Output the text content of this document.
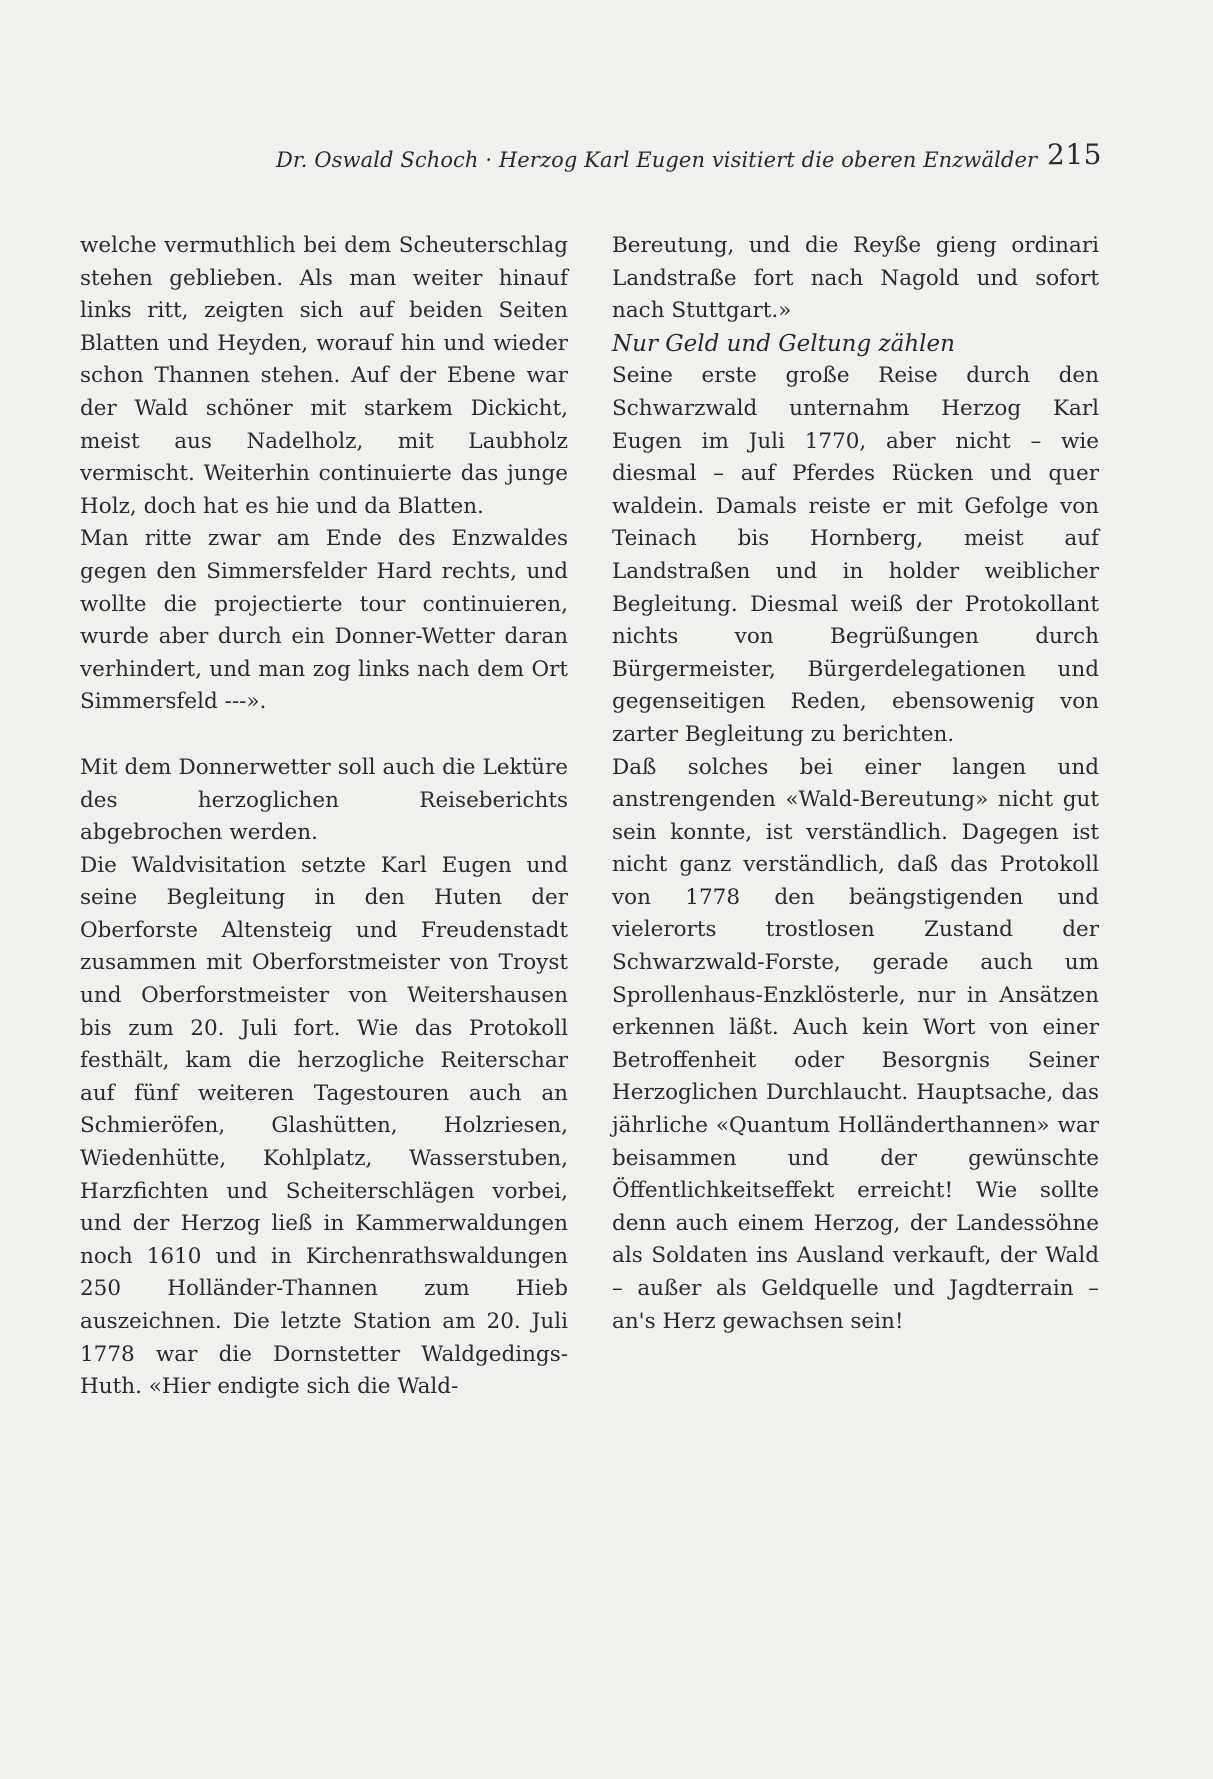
Dr. Oswald Schoch · Herzog Karl Eugen visitiert die oberen Enzwälder 215

welche vermuthlich bei dem Scheuterschlag stehen geblieben. Als man weiter hinauf links ritt, zeigten sich auf beiden Seiten Blatten und Heyden, worauf hin und wieder schon Thannen stehen. Auf der Ebene war der Wald schöner mit starkem Dickicht, meist aus Nadelholz, mit Laubholz vermischt. Weiterhin continuierte das junge Holz, doch hat es hie und da Blatten.

Man ritte zwar am Ende des Enzwaldes gegen den Simmersfelder Hard rechts, und wollte die projectierte tour continuieren, wurde aber durch ein Donner-Wetter daran verhindert, und man zog links nach dem Ort Simmersfeld ---».

Mit dem Donnerwetter soll auch die Lektüre des herzoglichen Reiseberichts abgebrochen werden.

Die Waldvisitation setzte Karl Eugen und seine Begleitung in den Huten der Oberforste Altensteig und Freudenstadt zusammen mit Oberforstmeister von Troyst und Oberforstmeister von Weitershausen bis zum 20. Juli fort. Wie das Protokoll festhält, kam die herzogliche Reiterschar auf fünf weiteren Tagestouren auch an Schmieröfen, Glashütten, Holzriesen, Wiedenhütte, Kohlplatz, Wasserstuben, Harzfichten und Scheiterschlägen vorbei, und der Herzog ließ in Kammerwaldungen noch 1610 und in Kirchenrathswaldungen 250 Holländer-Thannen zum Hieb auszeichnen. Die letzte Station am 20. Juli 1778 war die Dornstetter Waldgedings- Huth. «Hier endigte sich die Wald-

Bereutung, und die Reyße gieng ordinari Landstraße fort nach Nagold und sofort nach Stuttgart.»

Nur Geld und Geltung zählen

Seine erste große Reise durch den Schwarzwald unternahm Herzog Karl Eugen im Juli 1770, aber nicht – wie diesmal – auf Pferdes Rücken und quer waldein. Damals reiste er mit Gefolge von Teinach bis Hornberg, meist auf Landstraßen und in holder weiblicher Begleitung. Diesmal weiß der Protokollant nichts von Begrüßungen durch Bürgermeister, Bürgerdelegationen und gegenseitigen Reden, ebensowenig von zarter Begleitung zu berichten.

Daß solches bei einer langen und anstrengenden «Wald-Bereutung» nicht gut sein konnte, ist verständlich. Dagegen ist nicht ganz verständlich, daß das Protokoll von 1778 den beängstigenden und vielerorts trostlosen Zustand der Schwarzwald-Forste, gerade auch um Sprollenhaus-Enzklösterle, nur in Ansätzen erkennen läßt. Auch kein Wort von einer Betroffenheit oder Besorgnis Seiner Herzoglichen Durchlaucht. Hauptsache, das jährliche «Quantum Holländerthannen» war beisammen und der gewünschte Öffentlichkeitseffekt erreicht! Wie sollte denn auch einem Herzog, der Landessöhne als Soldaten ins Ausland verkauft, der Wald – außer als Geldquelle und Jagdterrain – an's Herz gewachsen sein!
